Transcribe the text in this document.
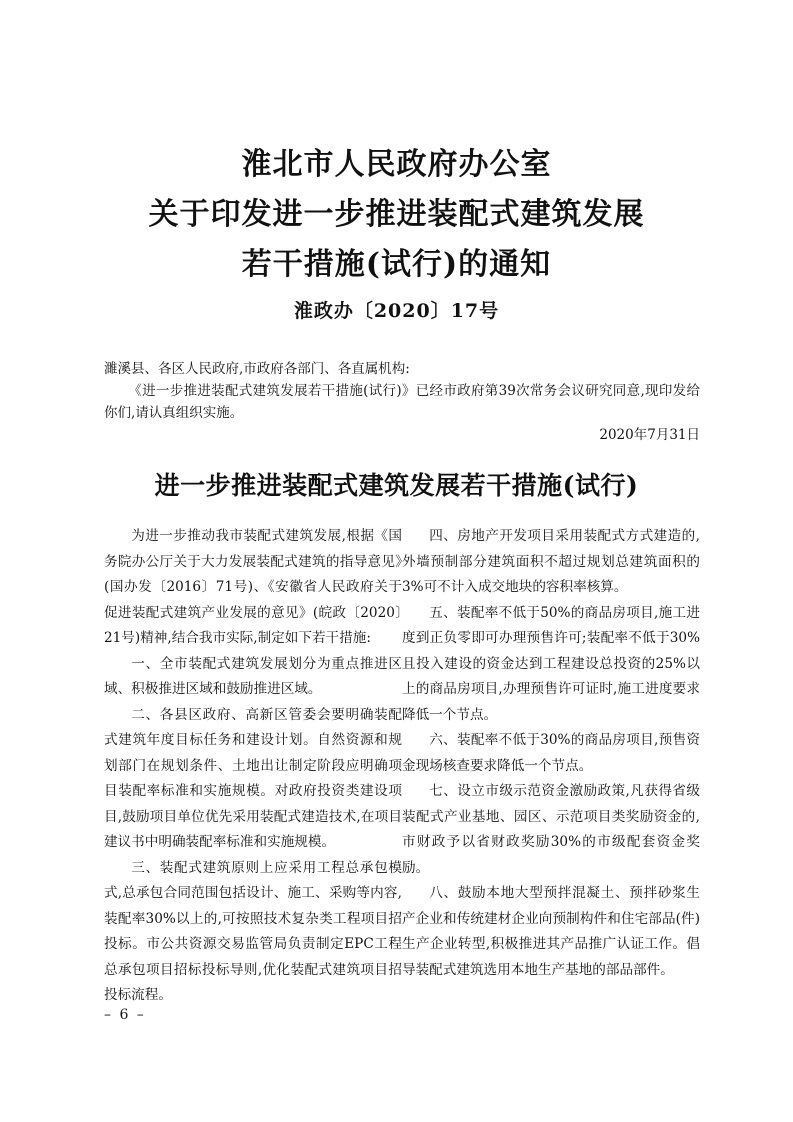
淮北市人民政府办公室
关于印发进一步推进装配式建筑发展
若干措施(试行)的通知
淮政办〔2020〕17号

濉溪县、各区人民政府,市政府各部门、各直属机构:

《进一步推进装配式建筑发展若干措施(试行)》已经市政府第39次常务会议研究同意,现印发给你们,请认真组织实施。

2020年7月31日

进一步推进装配式建筑发展若干措施(试行)

为进一步推动我市装配式建筑发展,根据《国务院办公厅关于大力发展装配式建筑的指导意见》(国办发〔2016〕71号)、《安徽省人民政府关于促进装配式建筑产业发展的意见》(皖政〔2020〕21号)精神,结合我市实际,制定如下若干措施:

一、全市装配式建筑发展划分为重点推进区域、积极推进区域和鼓励推进区域。

二、各县区政府、高新区管委会要明确装配式建筑年度目标任务和建设计划。自然资源和规划部门在规划条件、土地出让制定阶段应明确项目装配率标准和实施规模。对政府投资类建设项目,鼓励项目单位优先采用装配式建造技术,在项目建议书中明确装配率标准和实施规模。

三、装配式建筑原则上应采用工程总承包模式,总承包合同范围包括设计、施工、采购等内容,装配率30%以上的,可按照技术复杂类工程项目招投标。市公共资源交易监管局负责制定EPC工程总承包项目招标投标导则,优化装配式建筑项目招投标流程。

四、房地产开发项目采用装配式方式建造的,外墙预制部分建筑面积不超过规划总建筑面积的3%可不计入成交地块的容积率核算。

五、装配率不低于50%的商品房项目,施工进度到正负零即可办理预售许可;装配率不低于30%且投入建设的资金达到工程建设总投资的25%以上的商品房项目,办理预售许可证时,施工进度要求降低一个节点。

六、装配率不低于30%的商品房项目,预售资金现场核查要求降低一个节点。

七、设立市级示范资金激励政策,凡获得省级装配式产业基地、园区、示范项目类奖励资金的,市财政予以省财政奖励30%的市级配套资金奖励。

八、鼓励本地大型预拌混凝土、预拌砂浆生产企业和传统建材企业向预制构件和住宅部品(件)生产企业转型,积极推进其产品推广认证工作。倡导装配式建筑选用本地生产基地的部品部件。

– 6 –
